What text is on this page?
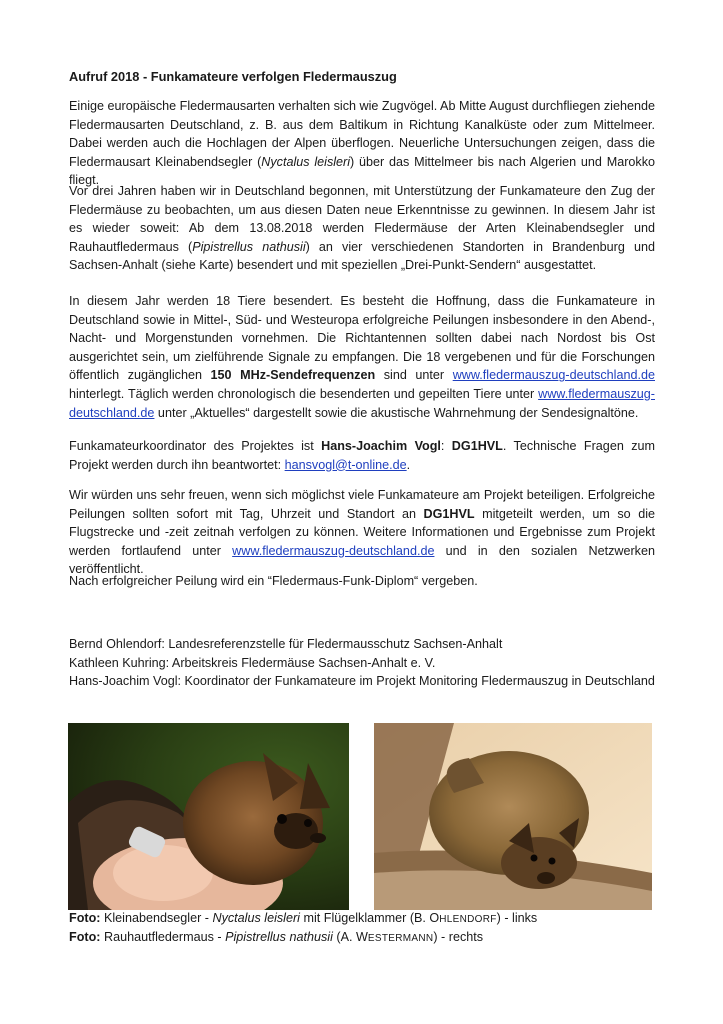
Aufruf 2018 - Funkamateure verfolgen Fledermauszug

Einige europäische Fledermausarten verhalten sich wie Zugvögel. Ab Mitte August durchfliegen ziehende Fledermausarten Deutschland, z. B. aus dem Baltikum in Richtung Kanalküste oder zum Mittelmeer. Dabei werden auch die Hochlagen der Alpen überflogen. Neuerliche Untersuchungen zeigen, dass die Fledermausart Kleinabendsegler (Nyctalus leisleri) über das Mittelmeer bis nach Algerien und Marokko fliegt.

Vor drei Jahren haben wir in Deutschland begonnen, mit Unterstützung der Funkamateure den Zug der Fledermäuse zu beobachten, um aus diesen Daten neue Erkenntnisse zu gewinnen. In diesem Jahr ist es wieder soweit: Ab dem 13.08.2018 werden Fledermäuse der Arten Kleinabendsegler und Rauhautfledermaus (Pipistrellus nathusii) an vier verschiedenen Standorten in Brandenburg und Sachsen-Anhalt (siehe Karte) besendert und mit speziellen „Drei-Punkt-Sendern“ ausgestattet.

In diesem Jahr werden 18 Tiere besendert. Es besteht die Hoffnung, dass die Funkamateure in Deutschland sowie in Mittel-, Süd- und Westeuropa erfolgreiche Peilungen insbesondere in den Abend-, Nacht- und Morgenstunden vornehmen. Die Richtantennen sollten dabei nach Nordost bis Ost ausgerichtet sein, um zielführende Signale zu empfangen. Die 18 vergebenen und für die Forschungen öffentlich zugänglichen 150 MHz-Sendefrequenzen sind unter www.fledermauszug-deutschland.de hinterlegt. Täglich werden chronologisch die besenderten und gepeilten Tiere unter www.fledermauszug-deutschland.de unter „Aktuelles“ dargestellt sowie die akustische Wahrnehmung der Sendesignaltöne.

Funkamateurkoordinator des Projektes ist Hans-Joachim Vogl: DG1HVL. Technische Fragen zum Projekt werden durch ihn beantwortet: hansvogl@t-online.de.

Wir würden uns sehr freuen, wenn sich möglichst viele Funkamateure am Projekt beteiligen. Erfolgreiche Peilungen sollten sofort mit Tag, Uhrzeit und Standort an DG1HVL mitgeteilt werden, um so die Flugstrecke und -zeit zeitnah verfolgen zu können. Weitere Informationen und Ergebnisse zum Projekt werden fortlaufend unter www.fledermauszug-deutschland.de und in den sozialen Netzwerken veröffentlicht.

Nach erfolgreicher Peilung wird ein “Fledermaus-Funk-Diplom“ vergeben.

Bernd Ohlendorf: Landesreferenzstelle für Fledermausschutz Sachsen-Anhalt
Kathleen Kuhring: Arbeitskreis Fledermäuse Sachsen-Anhalt e. V.
Hans-Joachim Vogl: Koordinator der Funkamateure im Projekt Monitoring Fledermauszug in Deutschland
Foto: Kleinabendsegler - Nyctalus leisleri mit Flügelklammer (B. OHLENDORF) - links
Foto: Rauhautfledermaus - Pipistrellus nathusii (A. WESTERMANN) - rechts
